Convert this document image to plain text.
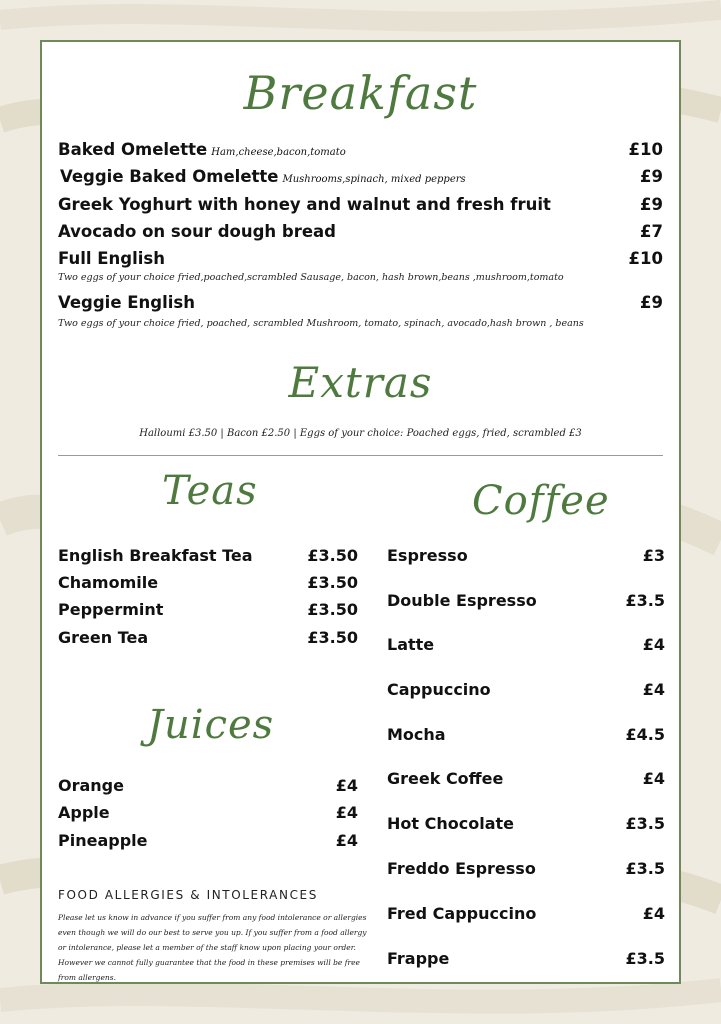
Breakfast
Baked Omelette Ham,cheese,bacon,tomato	£10
Veggie Baked Omelette Mushrooms,spinach, mixed peppers	£9
Greek Yoghurt with honey and walnut and fresh fruit	£9
Avocado on sour dough bread	£7
Full English	£10
Two eggs of your choice fried,poached,scrambled Sausage, bacon, hash brown,beans ,mushroom,tomato
Veggie English	£9
Two eggs of your choice fried, poached, scrambled Mushroom, tomato, spinach, avocado,hash brown , beans
Extras
Halloumi £3.50 | Bacon £2.50 | Eggs of your choice: Poached eggs, fried, scrambled £3
Teas	Coffee
English Breakfast Tea	£3.50
Chamomile	£3.50
Peppermint	£3.50
Green Tea	£3.50
Juices
Orange	£4
Apple	£4
Pineapple	£4
Espresso	£3
Double Espresso	£3.5
Latte	£4
Cappuccino	£4
Mocha	£4.5
Greek Coffee	£4
Hot Chocolate	£3.5
Freddo Espresso	£3.5
Fred Cappuccino	£4
Frappe	£3.5
FOOD ALLERGIES & INTOLERANCES
Please let us know in advance if you suffer from any food intolerance or allergies even though we will do our best to serve you up. If you suffer from a food allergy or intolerance, please let a member of the staff know upon placing your order. However we cannot fully guarantee that the food in these premises will be free from allergens.
